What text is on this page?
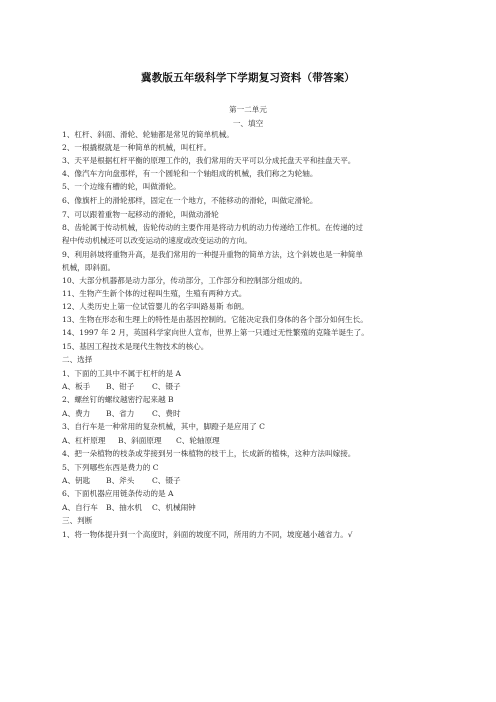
冀教版五年级科学下学期复习资料（带答案）
第一二单元
一、填空
1、杠杆、斜面、滑轮、轮轴都是常见的简单机械。
2、一根撬棍就是一种简单的机械，叫杠杆。
3、天平是根据杠杆平衡的原理工作的，我们常用的天平可以分成托盘天平和挂盘天平。
4、像汽车方向盘那样，有一个圆轮和一个轴组成的机械，我们称之为轮轴。
5、一个边缘有槽的轮，叫做滑轮。
6、像旗杆上的滑轮那样，固定在一个地方，不能移动的滑轮，叫做定滑轮。
7、可以跟着重物一起移动的滑轮，叫做动滑轮
8、齿轮属于传动机械，齿轮传动的主要作用是将动力机的动力传递给工作机。在传递的过
程中传动机械还可以改变运动的速度或改变运动的方向。
9、利用斜坡将重物升高，是我们常用的一种提升重物的简单方法，这个斜坡也是一种简单
机械，即斜面。
10、大部分机器都是动力部分，传动部分，工作部分和控制部分组成的。
11、生物产生新个体的过程叫生殖，生殖有两种方式。
12、人类历史上第一位试管婴儿的名字叫路易斯 布朗。
13、生物在形态和生理上的特性是由基因控制的。它能决定我们身体的各个部分如何生长。
14、1997 年 2 月，英国科学家向世人宣布，世界上第一只通过无性繁殖的克隆羊诞生了。
15、基因工程技术是现代生物技术的核心。
二、选择
1、下面的工具中不属于杠杆的是 A
A、板手 B、钳子 C、镊子
2、螺丝钉的螺纹越密拧起来越 B
A、费力 B、省力 C、费时
3、自行车是一种常用的复杂机械，其中，脚蹬子是应用了 C
A、杠杆原理 B、斜面原理 C、轮轴原理
4、把一朵植物的枝条或芽接到另一株植物的枝干上，长成新的植株，这种方法叫嫁接。
5、下列哪些东西是费力的 C
A、钥匙 B、斧头 C、镊子
6、下面机器应用链条传动的是 A
A、自行车 B、抽水机 C、机械闹钟
三、判断
1、将一物体提升到一个高度时，斜面的坡度不同，所用的力不同，坡度越小越省力。√
